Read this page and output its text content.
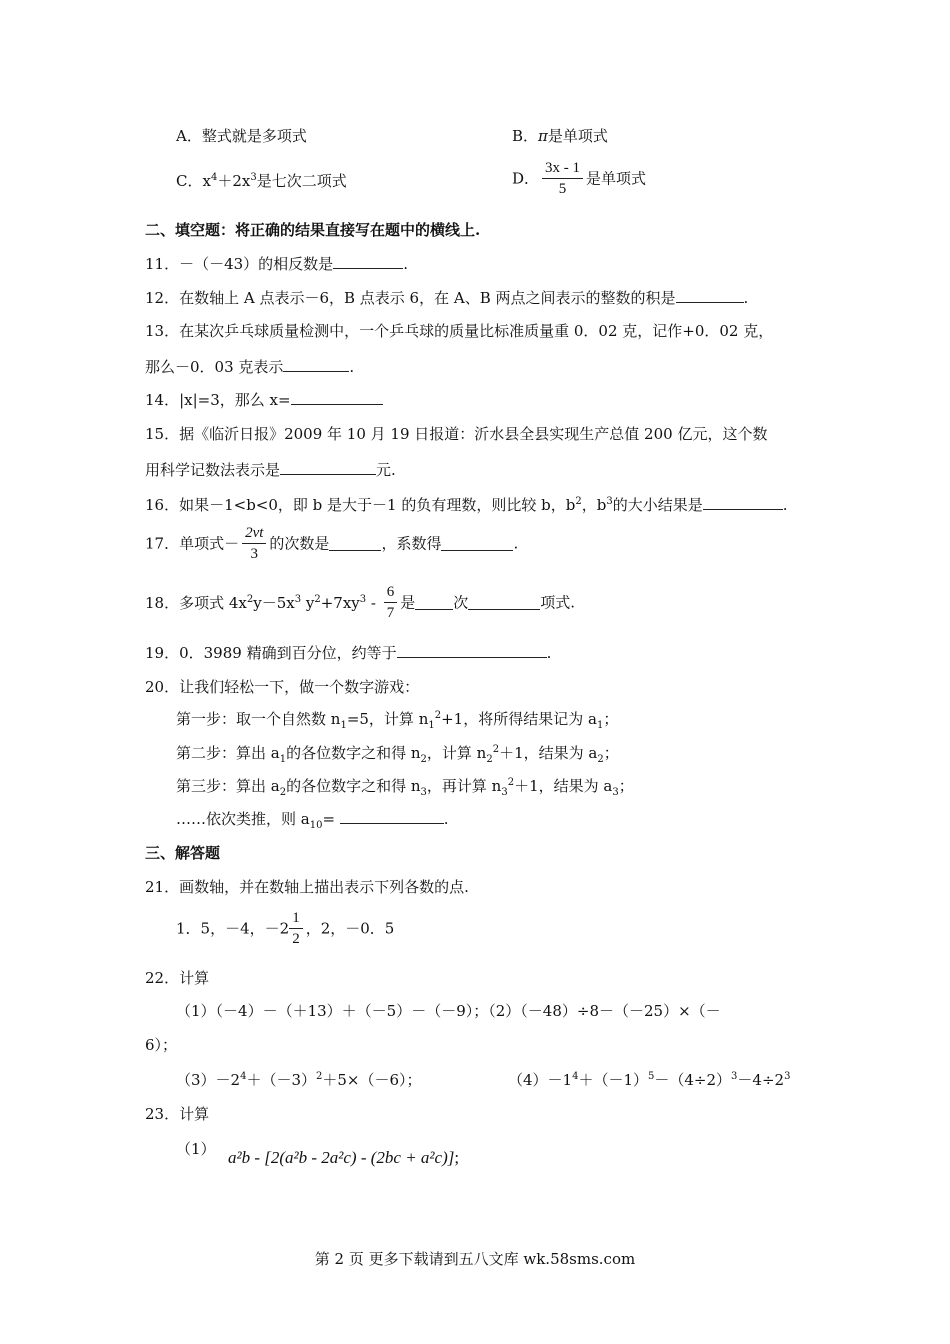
A．整式就是多项式	B．π是单项式
C．$x^4+2x^3$是七次二项式	D． $\frac{3x - 1}{5}$ 是单项式
二、填空题：将正确的结果直接写在题中的横线上.
11．－（－43）的相反数是	.
12．在数轴上 A 点表示－6，B 点表示 6，在 A、B 两点之间表示的整数的积是	.
13．在某次乒乓球质量检测中，一个乒乓球的质量比标准质量重 0．02 克，记作+0．02 克，
那么－0．03 克表示	.
14．|x|=3，那么 x=
15．据《临沂日报》2009 年 10 月 19 日报道：沂水县全县实现生产总值 200 亿元，这个数
用科学记数法表示是	元.
16．如果－1<b<0，即 b 是大于－1 的负有理数，则比较 b，$b^2$，$b^3$的大小结果是	.
17．单项式－ $\frac{2vt}{3}$ 的次数是	，系数得	.
18．多项式 $4x^2y-5x^3$ $y^2+7xy^3 - \frac{6}{7}$ 是	次	项式.
19．0．3989 精确到百分位，约等于	.
20．让我们轻松一下，做一个数字游戏：
第一步：取一个自然数 $n_1=5$，计算 $n_1^2+1$，将所得结果记为 $a_1$；
第二步：算出 $a_1$的各位数字之和得 $n_2$，计算 $n_2^2+1$，结果为 $a_2$；
第三步：算出 $a_2$的各位数字之和得 $n_3$，再计算 $n_3^2+1$，结果为 $a_3$；
……依次类推，则 $a_{10}=$	.
三、解答题
21．画数轴，并在数轴上描出表示下列各数的点.
1．5，－4，$-2 \frac{1}{2}$ ，2，－0．5
22．计算
（1）（－4）－（＋13）＋（－5）－（－9）；（2）（－48）÷8－（－25）×（－
6）；
$(3)-2^4+(-3)^2+5\times(-6)$；	$(4)-1^4+(-1)^5-(4\div 2)^3-4\div 2^3$
23．计算
（1） a²b - [2(a²b - 2a²c) - (2bc + a²c)];
第 2 页 更多下载请到五八文库 wk.58sms.com
